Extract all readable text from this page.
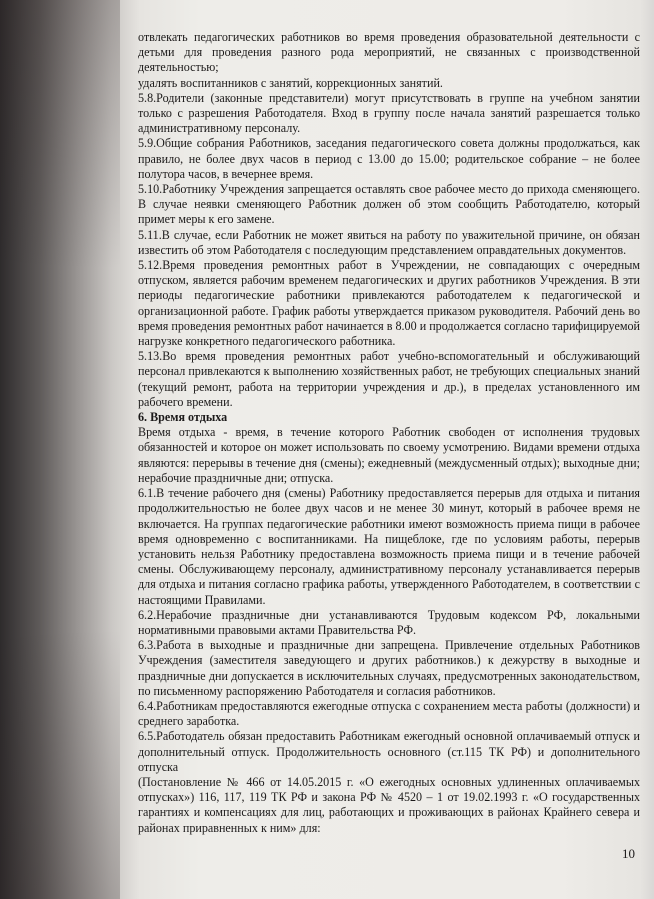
отвлекать педагогических работников во время проведения образовательной деятельности с детьми для проведения разного рода мероприятий, не связанных с производственной деятельностью;

удалять воспитанников с занятий, коррекционных занятий.

5.8.Родители (законные представители) могут присутствовать в группе на учебном занятии только с разрешения Работодателя. Вход в группу после начала занятий разрешается только административному персоналу.

5.9.Общие собрания Работников, заседания педагогического совета должны продолжаться, как правило, не более двух часов в период с 13.00 до 15.00; родительское собрание – не более полутора часов, в вечернее время.

5.10.Работнику Учреждения запрещается оставлять свое рабочее место до прихода сменяющего. В случае неявки сменяющего Работник должен об этом сообщить Работодателю, который примет меры к его замене.

5.11.В случае, если Работник не может явиться на работу по уважительной причине, он обязан известить об этом Работодателя с последующим представлением оправдательных документов.

5.12.Время проведения ремонтных работ в Учреждении, не совпадающих с очередным отпуском, является рабочим временем педагогических и других работников Учреждения. В эти периоды педагогические работники привлекаются работодателем к педагогической и организационной работе. График работы утверждается приказом руководителя. Рабочий день во время проведения ремонтных работ начинается в 8.00 и продолжается согласно тарифицируемой нагрузке конкретного педагогического работника.

5.13.Во время проведения ремонтных работ учебно-вспомогательный и обслуживающий персонал привлекаются к выполнению хозяйственных работ, не требующих специальных знаний (текущий ремонт, работа на территории учреждения и др.), в пределах установленного им рабочего времени.

6. Время отдыха

Время отдыха - время, в течение которого Работник свободен от исполнения трудовых обязанностей и которое он может использовать по своему усмотрению. Видами времени отдыха являются: перерывы в течение дня (смены); ежедневный (междусменный отдых); выходные дни; нерабочие праздничные дни; отпуска.

6.1.В течение рабочего дня (смены) Работнику предоставляется перерыв для отдыха и питания продолжительностью не более двух часов и не менее 30 минут, который в рабочее время не включается. На группах педагогические работники имеют возможность приема пищи в рабочее время одновременно с воспитанниками. На пищеблоке, где по условиям работы, перерыв установить нельзя Работнику предоставлена возможность приема пищи и в течение рабочей смены. Обслуживающему персоналу, административному персоналу устанавливается перерыв для отдыха и питания согласно графика работы, утвержденного Работодателем, в соответствии с настоящими Правилами.

6.2.Нерабочие праздничные дни устанавливаются Трудовым кодексом РФ, локальными нормативными правовыми актами Правительства РФ.

6.3.Работа в выходные и праздничные дни запрещена. Привлечение отдельных Работников Учреждения (заместителя заведующего и других работников.) к дежурству в выходные и праздничные дни допускается в исключительных случаях, предусмотренных законодательством, по письменному распоряжению Работодателя и согласия работников.

6.4.Работникам предоставляются ежегодные отпуска с сохранением места работы (должности) и среднего заработка.

6.5.Работодатель обязан предоставить Работникам ежегодный основной оплачиваемый отпуск и дополнительный отпуск. Продолжительность основного (ст.115 ТК РФ) и дополнительного отпуска

(Постановление № 466 от 14.05.2015 г. «О ежегодных основных удлиненных оплачиваемых отпусках») 116, 117, 119 ТК РФ и закона РФ № 4520 – 1 от 19.02.1993 г. «О государственных гарантиях и компенсациях для лиц, работающих и проживающих в районах Крайнего севера и районах приравненных к ним» для:

10
